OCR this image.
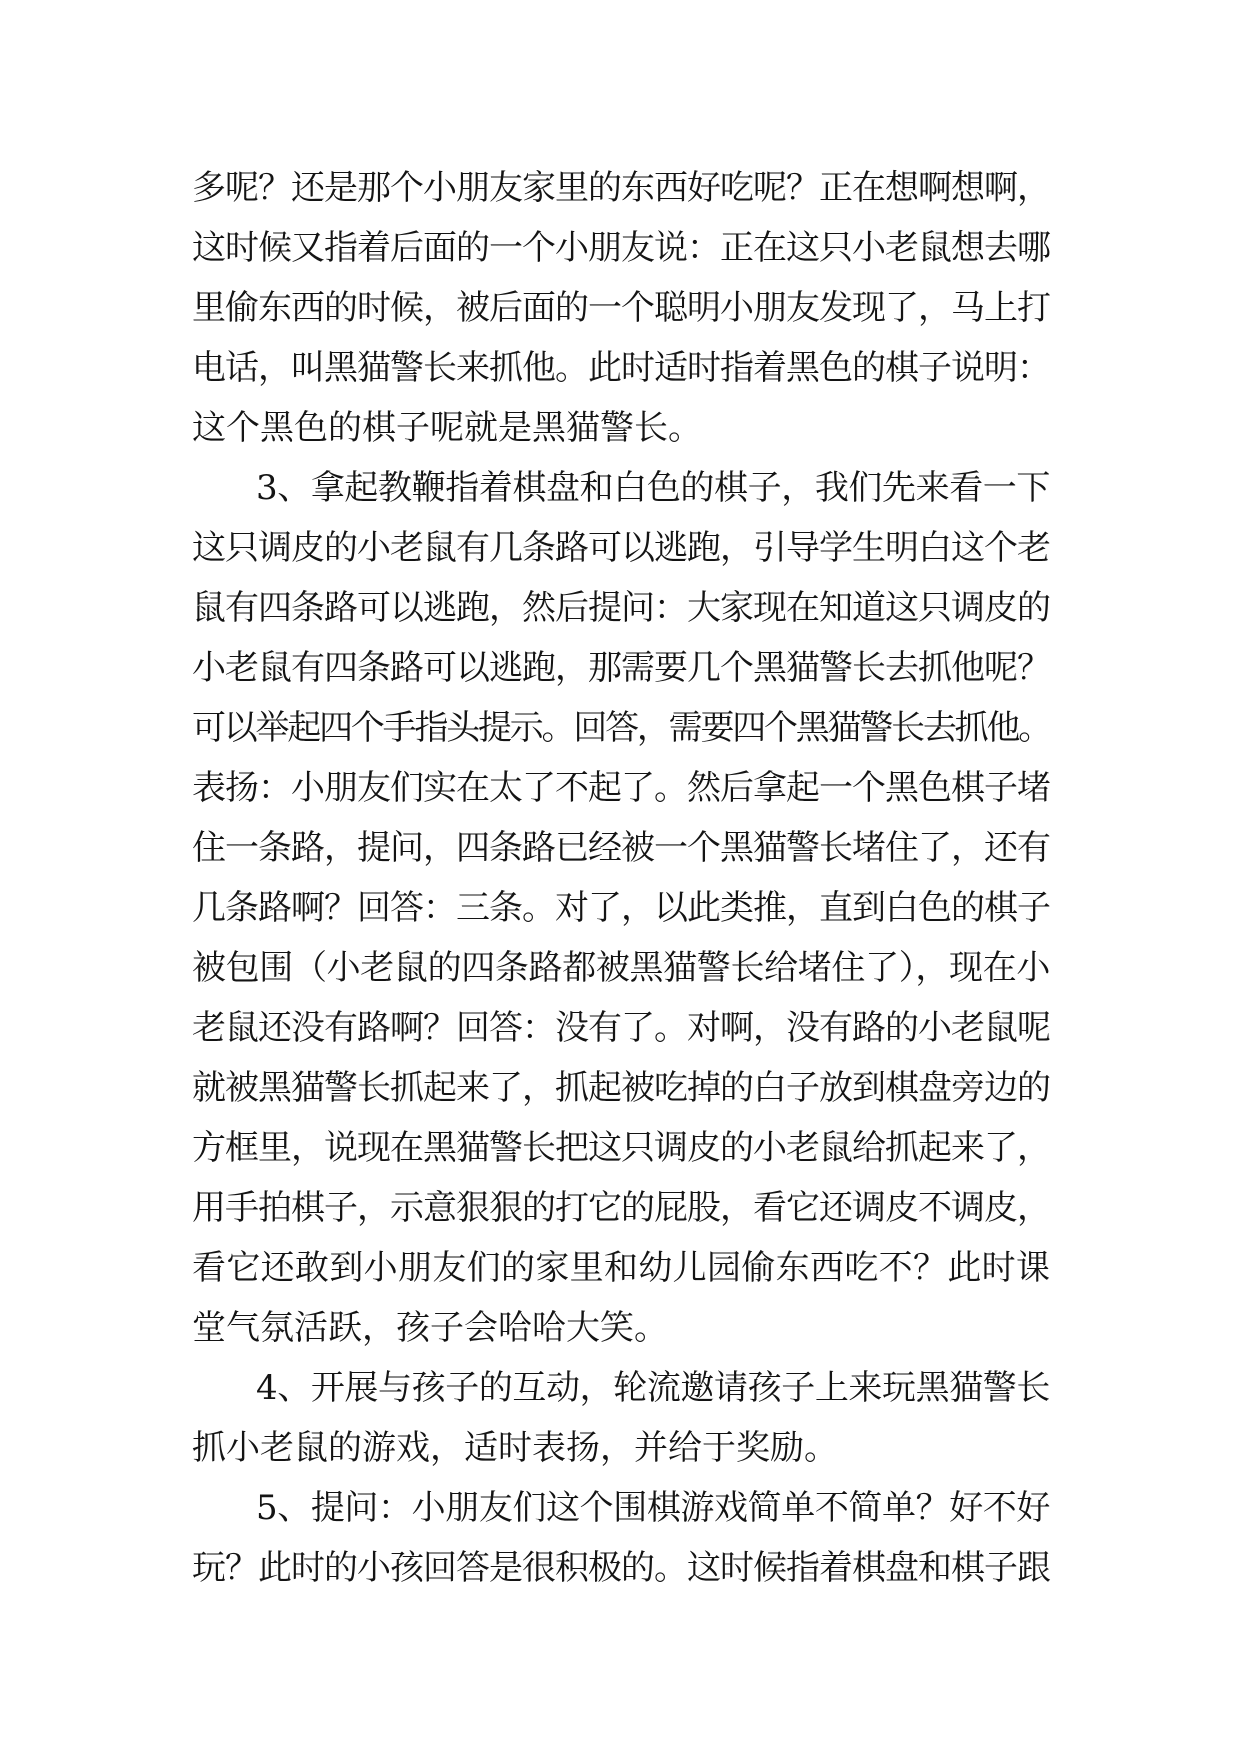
多呢？还是那个小朋友家里的东西好吃呢？正在想啊想啊，
这时候又指着后面的一个小朋友说：正在这只小老鼠想去哪
里偷东西的时候，被后面的一个聪明小朋友发现了，马上打
电话，叫黑猫警长来抓他。此时适时指着黑色的棋子说明：
这个黑色的棋子呢就是黑猫警长。
3、拿起教鞭指着棋盘和白色的棋子，我们先来看一下
这只调皮的小老鼠有几条路可以逃跑，引导学生明白这个老
鼠有四条路可以逃跑，然后提问：大家现在知道这只调皮的
小老鼠有四条路可以逃跑，那需要几个黑猫警长去抓他呢？
可以举起四个手指头提示。回答，需要四个黑猫警长去抓他。
表扬：小朋友们实在太了不起了。然后拿起一个黑色棋子堵
住一条路，提问，四条路已经被一个黑猫警长堵住了，还有
几条路啊？回答：三条。对了，以此类推，直到白色的棋子
被包围（小老鼠的四条路都被黑猫警长给堵住了），现在小
老鼠还没有路啊？回答：没有了。对啊，没有路的小老鼠呢
就被黑猫警长抓起来了，抓起被吃掉的白子放到棋盘旁边的
方框里，说现在黑猫警长把这只调皮的小老鼠给抓起来了，
用手拍棋子，示意狠狠的打它的屁股，看它还调皮不调皮，
看它还敢到小朋友们的家里和幼儿园偷东西吃不？此时课
堂气氛活跃，孩子会哈哈大笑。
4、开展与孩子的互动，轮流邀请孩子上来玩黑猫警长
抓小老鼠的游戏，适时表扬，并给于奖励。
5、提问：小朋友们这个围棋游戏简单不简单？好不好
玩？此时的小孩回答是很积极的。这时候指着棋盘和棋子跟
